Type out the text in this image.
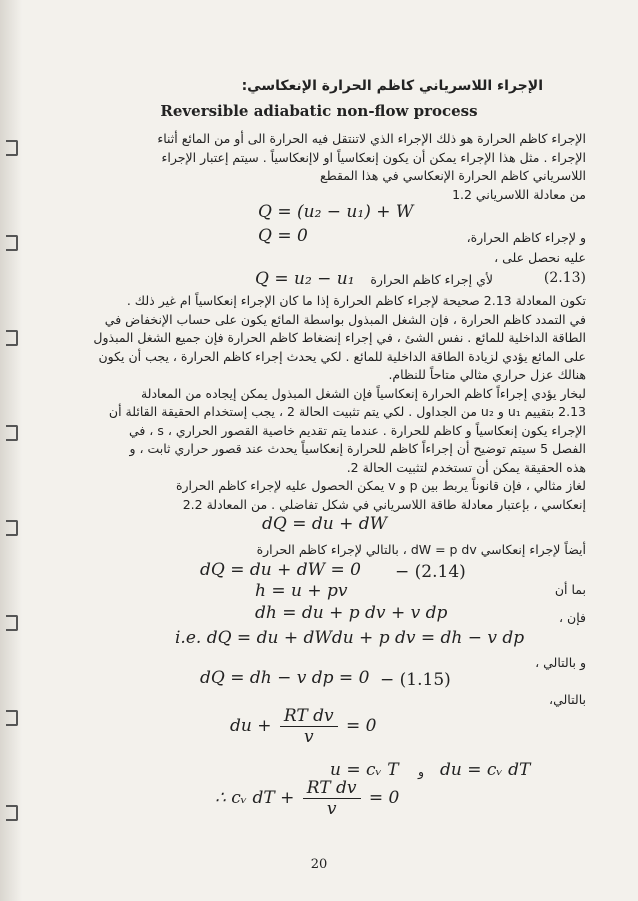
الإجراء اللاسرياني كاظم الحرارة الإنعكاسي:
Reversible adiabatic non-flow process

الإجراء كاظم الحرارة هو ذلك الإجراء الذي لاتنتقل فيه الحرارة الى أو من المائع أثناء

الإجراء . مثل هذا الإجراء يمكن أن يكون إنعكاسياً او لاإنعكاسياً . سيتم إعتبار الإجراء

اللاسرياني كاظم الحرارة الإنعكاسي في هذا المقطع

من معادلة اللاسرياني 1.2

Q = (u₂ − u₁) + W
Q = 0	و لإجراء كاظم الحرارة،
عليه نحصل على ،
Q = u₂ − u₁ لأي إجراء كاظم الحرارة	(2.13)

تكون المعادلة 2.13 صحيحة لإجراء كاظم الحرارة إذا ما كان الإجراء إنعكاسياً ام غير ذلك .

في التمدد كاظم الحرارة ، فإن الشغل المبذول بواسطة المائع يكون على حساب الإنخفاض في

الطاقة الداخلية للمائع . نفس الشئ ، في إجراء إنضغاط كاظم الحرارة فإن جميع الشغل المبذول

على المائع يؤدي لزيادة الطاقة الداخلية للمائع . لكي يحدث إجراء كاظم الحرارة ، يجب أن يكون

هنالك عزل حراري مثالي متاحاً للنظام.

لبخار يؤدي إجراءاً كاظم الحرارة إنعكاسياً فإن الشغل المبذول يمكن إيجاده من المعادلة

2.13 بتقييم u₁ و u₂ من الجداول . لكي يتم تثبيت الحالة 2 ، يجب إستخدام الحقيقة القائلة أن

الإجراء يكون إنعكاسياً و كاظم للحرارة . عندما يتم تقديم خاصية القصور الحراري ، s ، في

الفصل 5 سيتم توضيح أن إجراءاً كاظم للحرارة إنعكاسياً يحدث عند قصور حراري ثابت ، و

هذه الحقيقة يمكن أن تستخدم لتثبيت الحالة 2.

لغاز مثالي ، فإن قانوناً يربط بين p و v يمكن الحصول عليه لإجراء كاظم الحرارة

إنعكاسي ، بإعتبار معادلة طاقة اللاسرياني في شكل تفاضلي . من المعادلة 2.2

dQ = du + dW
أيضاً لإجراء إنعكاسي dW = p dv ، بالتالي لإجراء كاظم الحرارة
dQ = du + dW = 0 − (2.14)
بما أن
h = u + pv
فإن ،
dh = du + p dv + v dp
i.e. dQ = du + dWdu + p dv = dh − v dp
و بالتالي ،
dQ = dh − v dp = 0 − (1.15)
بالتالي،
du + $\frac{\text{RT dv}}{v} = 0$
u = cᵥ T و du = cᵥ dT
∴ cᵥ dT + $\frac{\text{RT dv}}{v} = 0$
20
